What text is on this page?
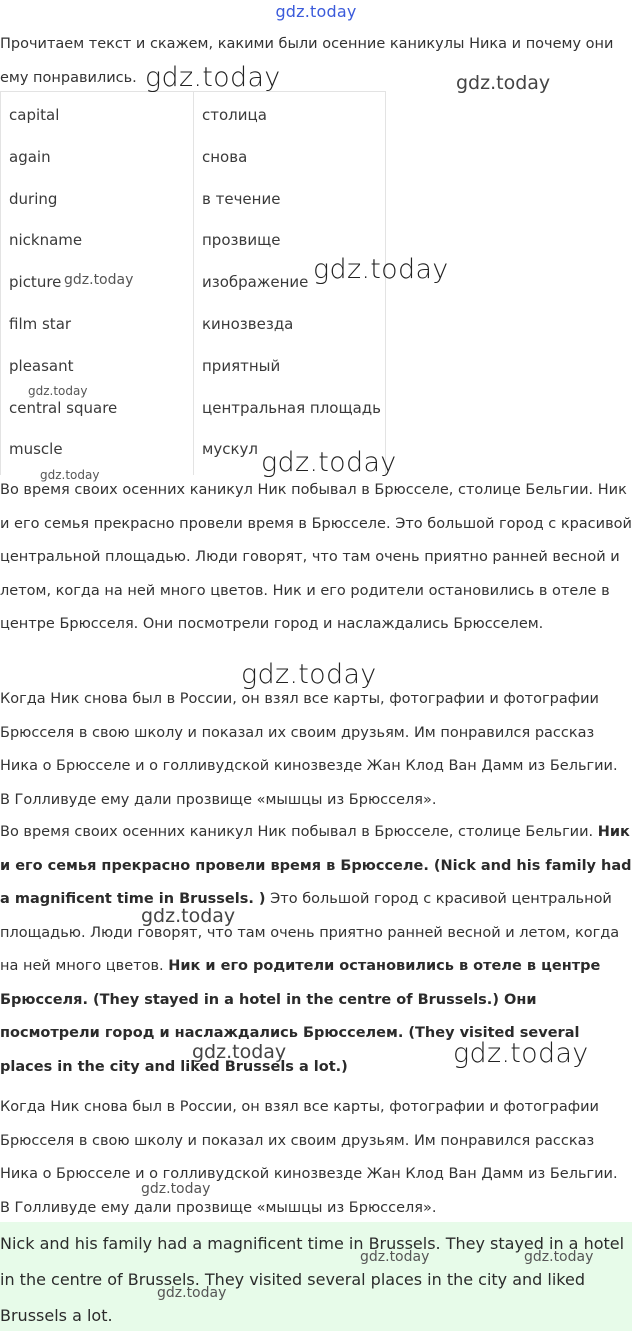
gdz.today

Прочитаем текст и скажем, какими были осенние каникулы Ника и почему они ему понравились.

capital	столица
again	снова
during	в течение
nickname	прозвище
picture	изображение
film star	кинозвезда
pleasant	приятный
central square	центральная площадь
muscle	мускул

Во время своих осенних каникул Ник побывал в Брюсселе, столице Бельгии. Ник и его семья прекрасно провели время в Брюсселе. Это большой город с красивой центральной площадью. Люди говорят, что там очень приятно ранней весной и летом, когда на ней много цветов. Ник и его родители остановились в отеле в центре Брюсселя. Они посмотрели город и наслаждались Брюсселем.

Когда Ник снова был в России, он взял все карты, фотографии и фотографии Брюсселя в свою школу и показал их своим друзьям. Им понравился рассказ Ника о Брюсселе и о голливудской кинозвезде Жан Клод Ван Дамм из Бельгии. В Голливуде ему дали прозвище «мышцы из Брюсселя».

Во время своих осенних каникул Ник побывал в Брюсселе, столице Бельгии. Ник и его семья прекрасно провели время в Брюсселе. (Nick and his family had a magnificent time in Brussels. ) Это большой город с красивой центральной площадью. Люди говорят, что там очень приятно ранней весной и летом, когда на ней много цветов. Ник и его родители остановились в отеле в центре Брюсселя. (They stayed in a hotel in the centre of Brussels.) Они посмотрели город и наслаждались Брюсселем. (They visited several places in the city and liked Brussels a lot.)

Когда Ник снова был в России, он взял все карты, фотографии и фотографии Брюсселя в свою школу и показал их своим друзьям. Им понравился рассказ Ника о Брюсселе и о голливудской кинозвезде Жан Клод Ван Дамм из Бельгии. В Голливуде ему дали прозвище «мышцы из Брюсселя».

Nick and his family had a magnificent time in Brussels. They stayed in a hotel in the centre of Brussels. They visited several places in the city and liked Brussels a lot.
gdz.today	gdz.today
gdz.today
gdz.today
gdz.today
gdz.today
gdz.today
gdz.today
gdz.today
gdz.today	gdz.today
gdz.today
gdz.today	gdz.today
gdz.today
